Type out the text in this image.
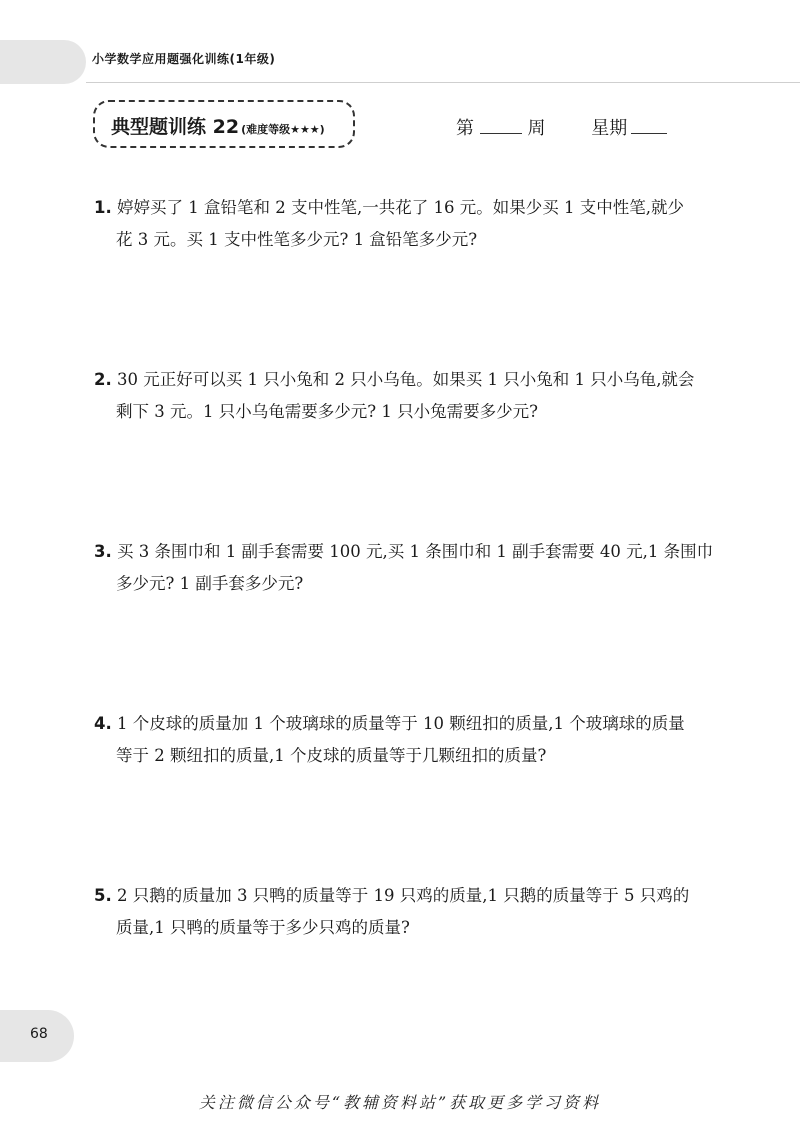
小学数学应用题强化训练(1年级)
典型题训练 22 (难度等级★★★)	第	周	星期
1. 婷婷买了 1 盒铅笔和 2 支中性笔,一共花了 16 元。如果少买 1 支中性笔,就少
花 3 元。买 1 支中性笔多少元? 1 盒铅笔多少元?
2. 30 元正好可以买 1 只小兔和 2 只小乌龟。如果买 1 只小兔和 1 只小乌龟,就会
剩下 3 元。1 只小乌龟需要多少元? 1 只小兔需要多少元?
3. 买 3 条围巾和 1 副手套需要 100 元,买 1 条围巾和 1 副手套需要 40 元,1 条围巾
多少元? 1 副手套多少元?
4. 1 个皮球的质量加 1 个玻璃球的质量等于 10 颗纽扣的质量,1 个玻璃球的质量
等于 2 颗纽扣的质量,1 个皮球的质量等于几颗纽扣的质量?
5. 2 只鹅的质量加 3 只鸭的质量等于 19 只鸡的质量,1 只鹅的质量等于 5 只鸡的
质量,1 只鸭的质量等于多少只鸡的质量?
68
关注微信公众号“教辅资料站”获取更多学习资料
